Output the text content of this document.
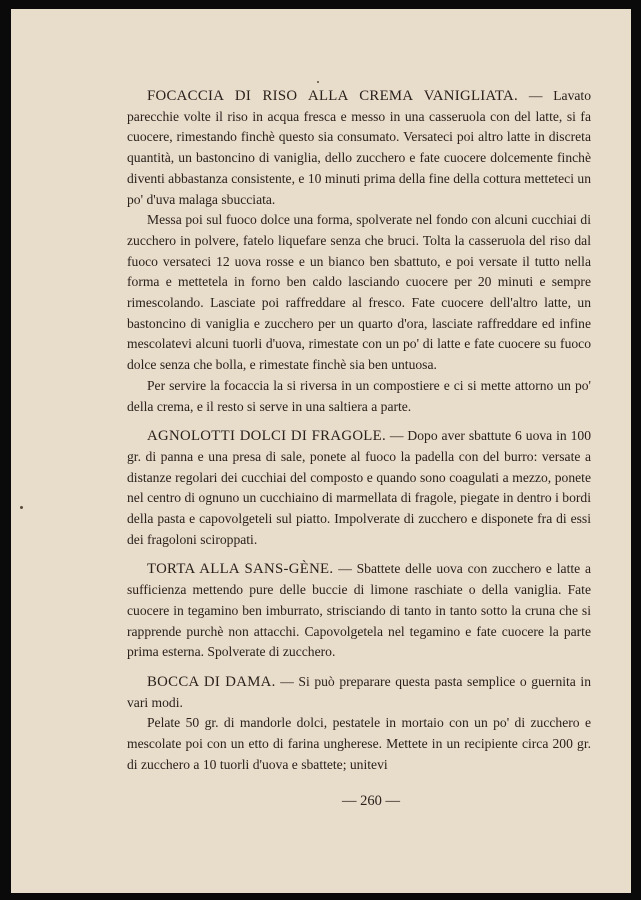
FOCACCIA DI RISO ALLA CREMA VANIGLIATA. — Lavato parecchie volte il riso in acqua fresca e messo in una casseruola con del latte, si fa cuocere, rimestando finchè questo sia consumato. Versateci poi altro latte in discreta quantità, un bastoncino di vaniglia, dello zucchero e fate cuocere dolcemente finchè diventi abbastanza consistente, e 10 minuti prima della fine della cottura metteteci un po' d'uva malaga sbucciata.

Messa poi sul fuoco dolce una forma, spolverate nel fondo con alcuni cucchiai di zucchero in polvere, fatelo liquefare senza che bruci. Tolta la casseruola del riso dal fuoco versateci 12 uova rosse e un bianco ben sbattuto, e poi versate il tutto nella forma e mettetela in forno ben caldo lasciando cuocere per 20 minuti e sempre rimescolando. Lasciate poi raffreddare al fresco. Fate cuocere dell'altro latte, un bastoncino di vaniglia e zucchero per un quarto d'ora, lasciate raffreddare ed infine mescolatevi alcuni tuorli d'uova, rimestate con un po' di latte e fate cuocere su fuoco dolce senza che bolla, e rimestate finchè sia ben untuosa.

Per servire la focaccia la si riversa in un compostiere e ci si mette attorno un po' della crema, e il resto si serve in una saltiera a parte.

AGNOLOTTI DOLCI DI FRAGOLE. — Dopo aver sbattute 6 uova in 100 gr. di panna e una presa di sale, ponete al fuoco la padella con del burro: versate a distanze regolari dei cucchiai del composto e quando sono coagulati a mezzo, ponete nel centro di ognuno un cucchiaino di marmellata di fragole, piegate in dentro i bordi della pasta e capovolgeteli sul piatto. Impolverate di zucchero e disponete fra di essi dei fragoloni sciroppati.

TORTA ALLA SANS-GÈNE. — Sbattete delle uova con zucchero e latte a sufficienza mettendo pure delle buccie di limone raschiate o della vaniglia. Fate cuocere in tegamino ben imburrato, strisciando di tanto in tanto sotto la cruna che si rapprende purchè non attacchi. Capovolgetela nel tegamino e fate cuocere la parte prima esterna. Spolverate di zucchero.

BOCCA DI DAMA. — Si può preparare questa pasta semplice o guernita in vari modi.

Pelate 50 gr. di mandorle dolci, pestatele in mortaio con un po' di zucchero e mescolate poi con un etto di farina ungherese. Mettete in un recipiente circa 200 gr. di zucchero a 10 tuorli d'uova e sbattete; unitevi

— 260 —
